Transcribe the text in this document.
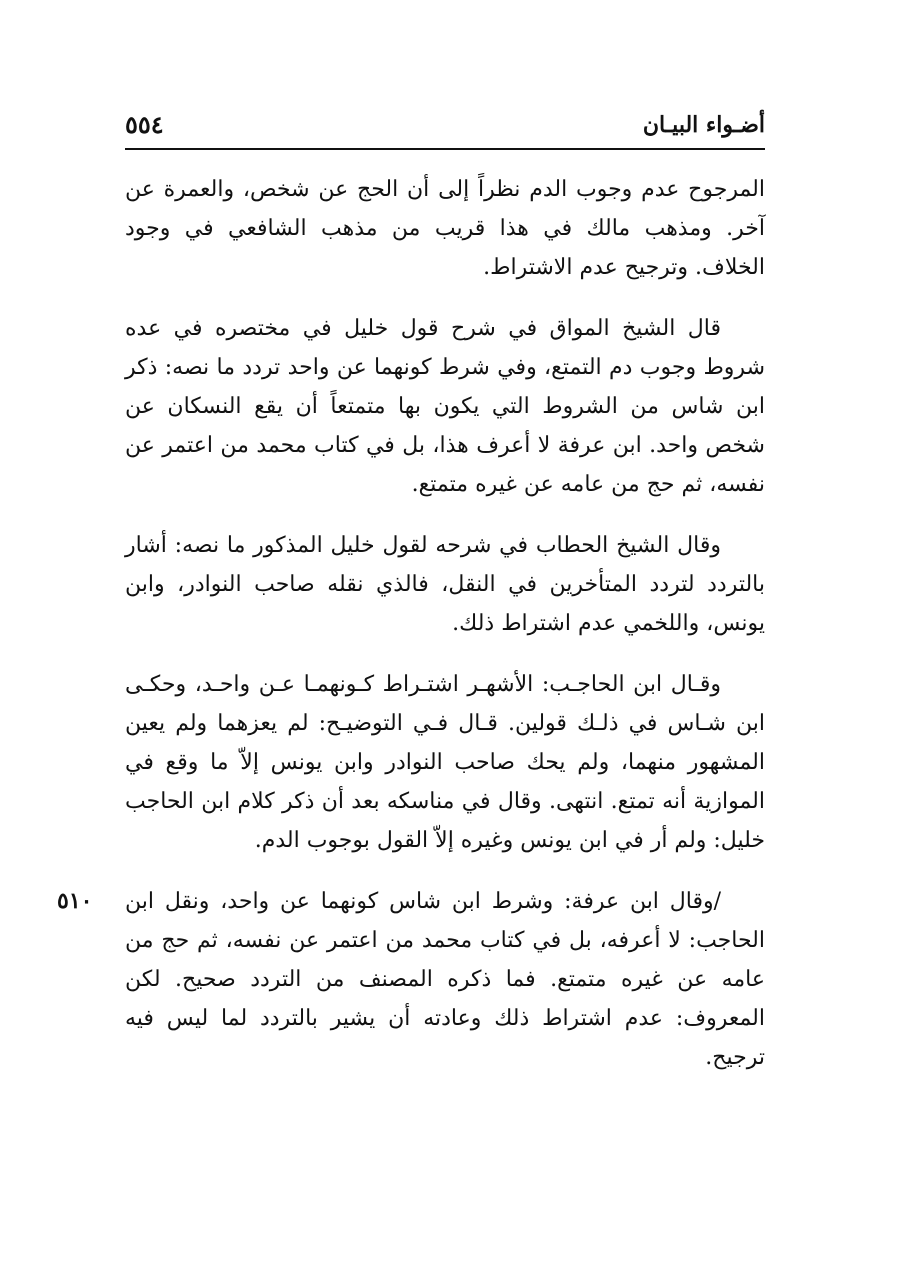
أضـواء البيـان
٥٥٤

المرجوح عدم وجوب الدم نظراً إلى أن الحج عن شخص، والعمرة عن آخر. ومذهب مالك في هذا قريب من مذهب الشافعي في وجود الخلاف. وترجيح عدم الاشتراط.

قال الشيخ المواق في شرح قول خليل في مختصره في عده شروط وجوب دم التمتع، وفي شرط كونهما عن واحد تردد ما نصه: ذكر ابن شاس من الشروط التي يكون بها متمتعاً أن يقع النسكان عن شخص واحد. ابن عرفة لا أعرف هذا، بل في كتاب محمد من اعتمر عن نفسه، ثم حج من عامه عن غيره متمتع.

وقال الشيخ الحطاب في شرحه لقول خليل المذكور ما نصه: أشار بالتردد لتردد المتأخرين في النقل، فالذي نقله صاحب النوادر، وابن يونس، واللخمي عدم اشتراط ذلك.

وقـال ابن الحاجـب: الأشهـر اشتـراط كـونهمـا عـن واحـد، وحكـى ابن شـاس في ذلـك قولين. قـال فـي التوضيـح: لم يعزهما ولم يعين المشهور منهما، ولم يحك صاحب النوادر وابن يونس إلاّ ما وقع في الموازية أنه تمتع. انتهى. وقال في مناسكه بعد أن ذكر كلام ابن الحاجب خليل: ولم أر في ابن يونس وغيره إلاّ القول بوجوب الدم.

٥١٠ /وقال ابن عرفة: وشرط ابن شاس كونهما عن واحد، ونقل ابن الحاجب: لا أعرفه، بل في كتاب محمد من اعتمر عن نفسه، ثم حج من عامه عن غيره متمتع. فما ذكره المصنف من التردد صحيح. لكن المعروف: عدم اشتراط ذلك وعادته أن يشير بالتردد لما ليس فيه ترجيح.
